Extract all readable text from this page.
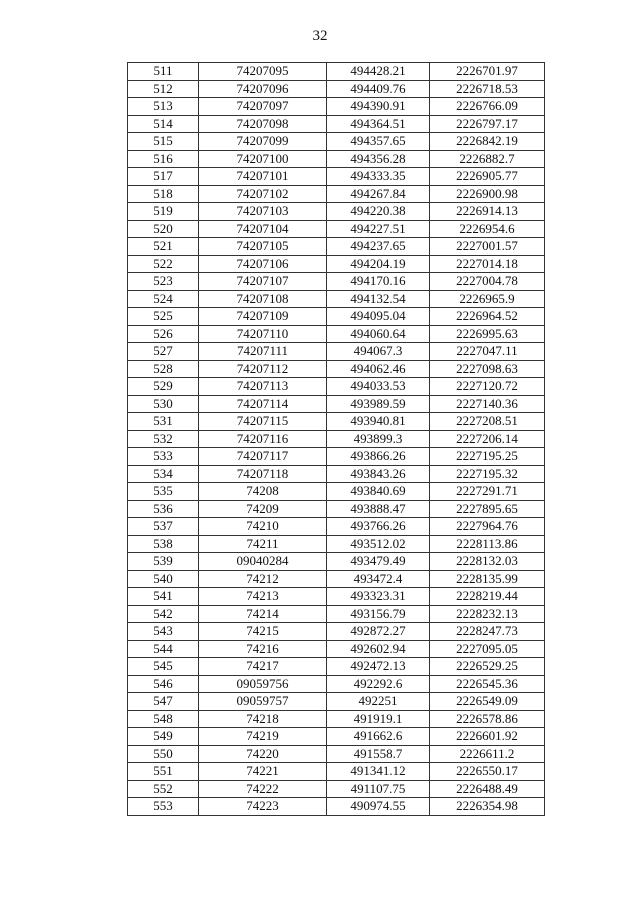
32
511	74207095	494428.21	2226701.97
512	74207096	494409.76	2226718.53
513	74207097	494390.91	2226766.09
514	74207098	494364.51	2226797.17
515	74207099	494357.65	2226842.19
516	74207100	494356.28	2226882.7
517	74207101	494333.35	2226905.77
518	74207102	494267.84	2226900.98
519	74207103	494220.38	2226914.13
520	74207104	494227.51	2226954.6
521	74207105	494237.65	2227001.57
522	74207106	494204.19	2227014.18
523	74207107	494170.16	2227004.78
524	74207108	494132.54	2226965.9
525	74207109	494095.04	2226964.52
526	74207110	494060.64	2226995.63
527	74207111	494067.3	2227047.11
528	74207112	494062.46	2227098.63
529	74207113	494033.53	2227120.72
530	74207114	493989.59	2227140.36
531	74207115	493940.81	2227208.51
532	74207116	493899.3	2227206.14
533	74207117	493866.26	2227195.25
534	74207118	493843.26	2227195.32
535	74208	493840.69	2227291.71
536	74209	493888.47	2227895.65
537	74210	493766.26	2227964.76
538	74211	493512.02	2228113.86
539	09040284	493479.49	2228132.03
540	74212	493472.4	2228135.99
541	74213	493323.31	2228219.44
542	74214	493156.79	2228232.13
543	74215	492872.27	2228247.73
544	74216	492602.94	2227095.05
545	74217	492472.13	2226529.25
546	09059756	492292.6	2226545.36
547	09059757	492251	2226549.09
548	74218	491919.1	2226578.86
549	74219	491662.6	2226601.92
550	74220	491558.7	2226611.2
551	74221	491341.12	2226550.17
552	74222	491107.75	2226488.49
553	74223	490974.55	2226354.98
